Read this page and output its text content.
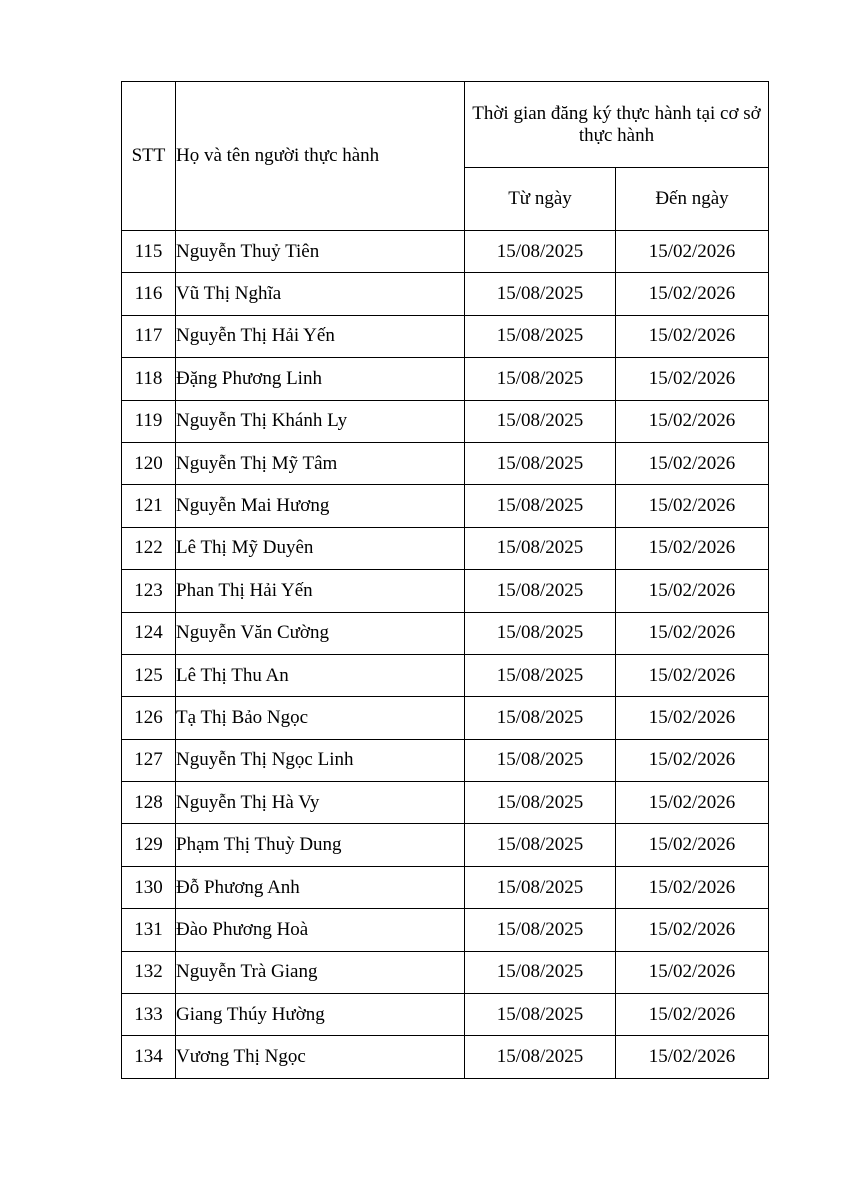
STT	Họ và tên người thực hành	Thời gian đăng ký thực hành tại cơ sở thực hành	
		Từ ngày	Đến ngày
115	Nguyễn Thuỷ Tiên	15/08/2025	15/02/2026
116	Vũ Thị Nghĩa	15/08/2025	15/02/2026
117	Nguyễn Thị Hải Yến	15/08/2025	15/02/2026
118	Đặng Phương Linh	15/08/2025	15/02/2026
119	Nguyễn Thị Khánh Ly	15/08/2025	15/02/2026
120	Nguyễn Thị Mỹ Tâm	15/08/2025	15/02/2026
121	Nguyễn Mai Hương	15/08/2025	15/02/2026
122	Lê Thị Mỹ Duyên	15/08/2025	15/02/2026
123	Phan Thị Hải Yến	15/08/2025	15/02/2026
124	Nguyễn Văn Cường	15/08/2025	15/02/2026
125	Lê Thị Thu An	15/08/2025	15/02/2026
126	Tạ Thị Bảo Ngọc	15/08/2025	15/02/2026
127	Nguyễn Thị Ngọc Linh	15/08/2025	15/02/2026
128	Nguyễn Thị Hà Vy	15/08/2025	15/02/2026
129	Phạm Thị Thuỳ Dung	15/08/2025	15/02/2026
130	Đỗ Phương Anh	15/08/2025	15/02/2026
131	Đào Phương Hoà	15/08/2025	15/02/2026
132	Nguyễn Trà Giang	15/08/2025	15/02/2026
133	Giang Thúy Hường	15/08/2025	15/02/2026
134	Vương Thị Ngọc	15/08/2025	15/02/2026
